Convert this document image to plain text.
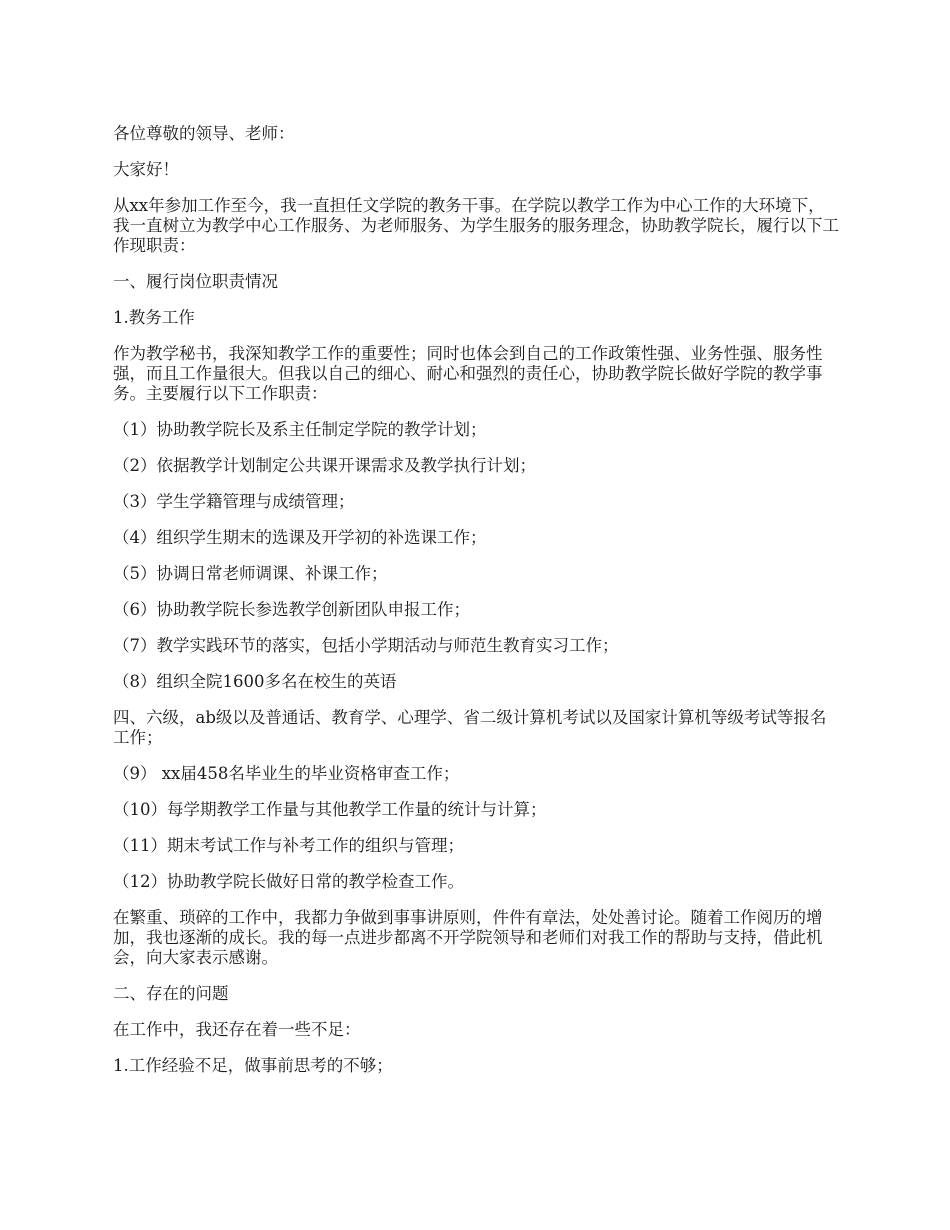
各位尊敬的领导、老师：

大家好！

从xx年参加工作至今，我一直担任文学院的教务干事。在学院以教学工作为中心工作的大环境下，我一直树立为教学中心工作服务、为老师服务、为学生服务的服务理念，协助教学院长，履行以下工作现职责：

一、履行岗位职责情况

1.教务工作

作为教学秘书，我深知教学工作的重要性；同时也体会到自己的工作政策性强、业务性强、服务性强，而且工作量很大。但我以自己的细心、耐心和强烈的责任心，协助教学院长做好学院的教学事务。主要履行以下工作职责：

（1）协助教学院长及系主任制定学院的教学计划；

（2）依据教学计划制定公共课开课需求及教学执行计划；

（3）学生学籍管理与成绩管理；

（4）组织学生期末的选课及开学初的补选课工作；

（5）协调日常老师调课、补课工作；

（6）协助教学院长参选教学创新团队申报工作；

（7）教学实践环节的落实，包括小学期活动与师范生教育实习工作；

（8）组织全院1600多名在校生的英语

四、六级，ab级以及普通话、教育学、心理学、省二级计算机考试以及国家计算机等级考试等报名工作；

（9） xx届458名毕业生的毕业资格审查工作；

（10）每学期教学工作量与其他教学工作量的统计与计算；

（11）期末考试工作与补考工作的组织与管理；

（12）协助教学院长做好日常的教学检查工作。

在繁重、琐碎的工作中，我都力争做到事事讲原则，件件有章法，处处善讨论。随着工作阅历的增加，我也逐渐的成长。我的每一点进步都离不开学院领导和老师们对我工作的帮助与支持，借此机会，向大家表示感谢。

二、存在的问题

在工作中，我还存在着一些不足：

1.工作经验不足，做事前思考的不够；
